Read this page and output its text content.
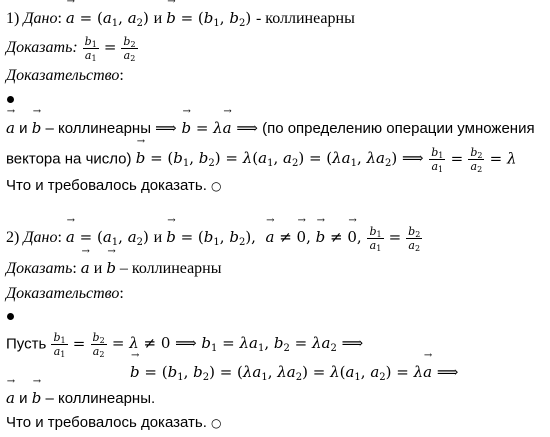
1) Дано: → $a = (a_1$, $a_2$) $и \to b = (b_1$, $b_2$) - коллинеарны
Доказать: $\frac{b_1}{a_1} = \frac{b_2}{a_2}$
Доказательство:
→ a и → b – коллинеарны ⟹ → b = λ→ a ⟹ (по определению операции умножения
вектора на число) → $b = (b_1$, $b_2) = \lambda(a_1$, $a_2) = (\lambda a_1$, $\lambda a_2$) ⟹ $\frac{b_1}{a_1} = \frac{b_2}{a_2} = \lambda$
Что и требовалось доказать. ○
2) Дано: → $a = (a_1$, $a_2$) $и \to b = (b_1$, $b_2$),  → a ≠ → 0, → b ≠ → 0, $\frac{b_1}{a_1} = \frac{b_2}{a_2}$
Доказать: → a и → b – коллинеарны
Доказательство:
Пусть $\frac{b_1}{a_1} = \frac{b_2}{a_2} = \lambda \ne 0$ ⟹ $b_1 = \lambda a_1$, $b_2 = \lambda a_2$ ⟹
→ $b = (b_1$, $b_2) = (\lambda a_1$, $\lambda a_2) = \lambda(a_1$, $a_2) = \lambda\to a$ ⟹
→ a и → b – коллинеарны.
Что и требовалось доказать. ○
